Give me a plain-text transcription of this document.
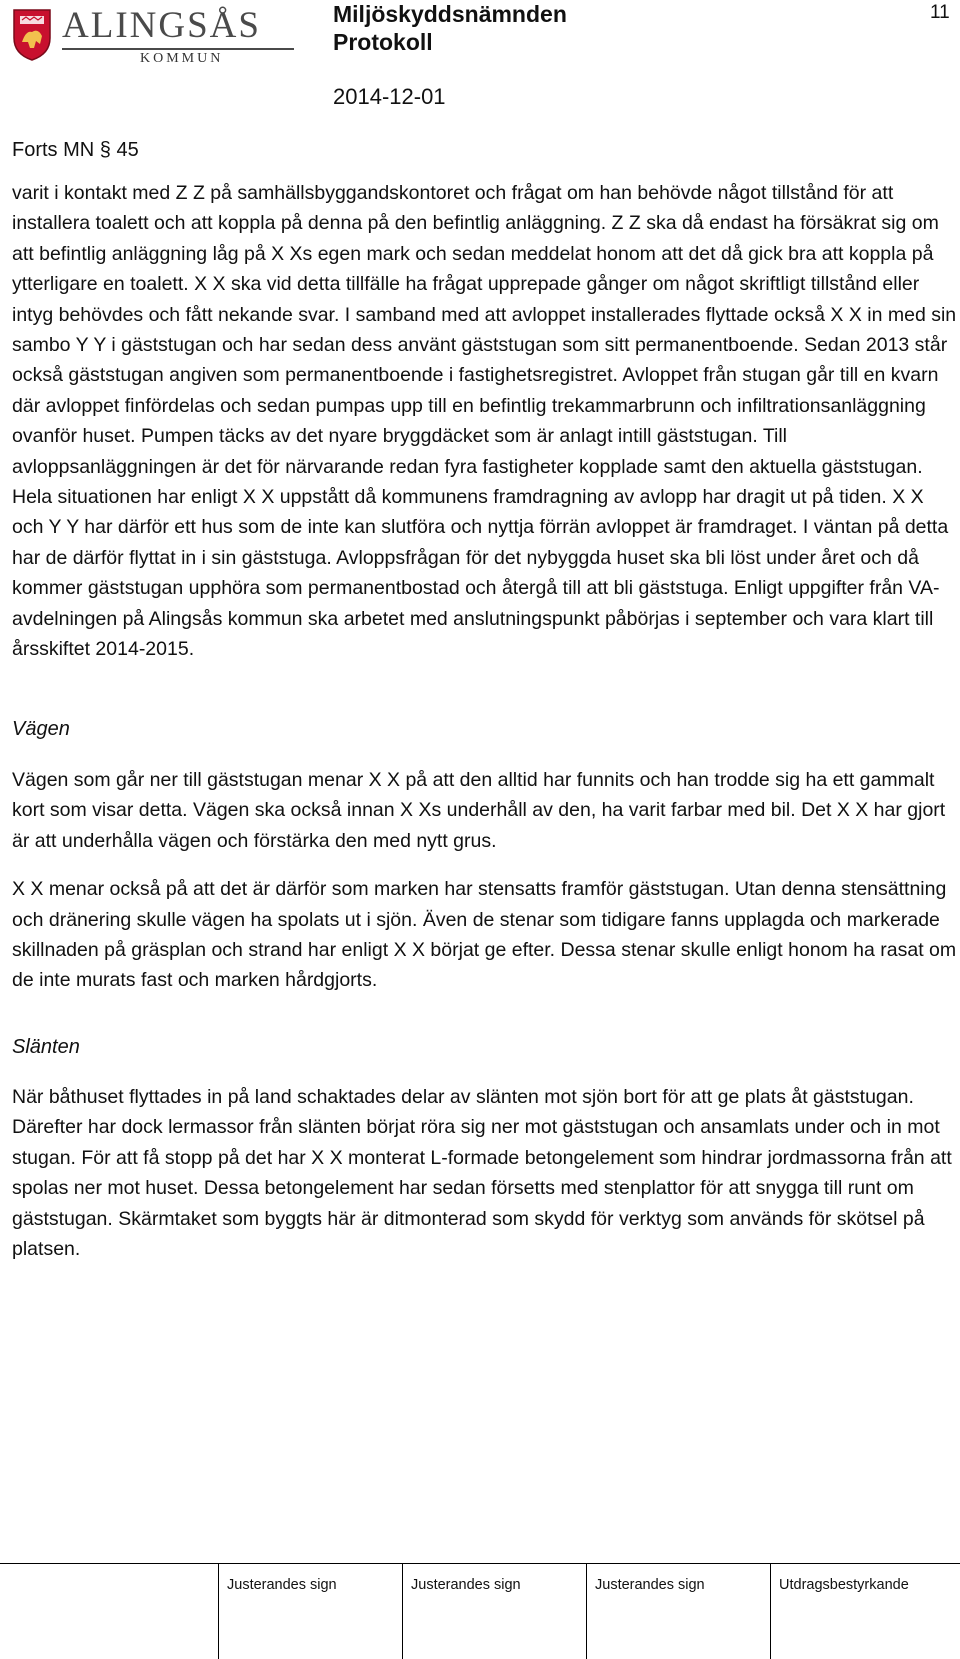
ALINGSÅS
KOMMUN
Miljöskyddsnämnden
Protokoll
11
2014-12-01
Forts MN § 45

varit i kontakt med Z Z på samhällsbyggandskontoret och frågat om han behövde något tillstånd för att installera toalett och att koppla på denna på den befintlig anläggning. Z Z ska då endast ha försäkrat sig om att befintlig anläggning låg på X Xs egen mark och sedan meddelat honom att det då gick bra att koppla på ytterligare en toalett. X X ska vid detta tillfälle ha frågat upprepade gånger om något skriftligt tillstånd eller intyg behövdes och fått nekande svar. I samband med att avloppet installerades flyttade också X X in med sin sambo Y Y i gäststugan och har sedan dess använt gäststugan som sitt permanentboende. Sedan 2013 står också gäststugan angiven som permanentboende i fastighetsregistret. Avloppet från stugan går till en kvarn där avloppet finfördelas och sedan pumpas upp till en befintlig trekammarbrunn och infiltrationsanläggning ovanför huset. Pumpen täcks av det nyare bryggdäcket som är anlagt intill gäststugan. Till avloppsanläggningen är det för närvarande redan fyra fastigheter kopplade samt den aktuella gäststugan. Hela situationen har enligt X X uppstått då kommunens framdragning av avlopp har dragit ut på tiden. X X och Y Y har därför ett hus som de inte kan slutföra och nyttja förrän avloppet är framdraget. I väntan på detta har de därför flyttat in i sin gäststuga. Avloppsfrågan för det nybyggda huset ska bli löst under året och då kommer gäststugan upphöra som permanentbostad och återgå till att bli gäststuga. Enligt uppgifter från VA-avdelningen på Alingsås kommun ska arbetet med anslutningspunkt påbörjas i september och vara klart till årsskiftet 2014-2015.

Vägen

Vägen som går ner till gäststugan menar X X på att den alltid har funnits och han trodde sig ha ett gammalt kort som visar detta. Vägen ska också innan X Xs underhåll av den, ha varit farbar med bil. Det X X har gjort är att underhålla vägen och förstärka den med nytt grus.

X X menar också på att det är därför som marken har stensatts framför gäststugan. Utan denna stensättning och dränering skulle vägen ha spolats ut i sjön. Även de stenar som tidigare fanns upplagda och markerade skillnaden på gräsplan och strand har enligt X X börjat ge efter. Dessa stenar skulle enligt honom ha rasat om de inte murats fast och marken hårdgjorts.

Slänten

När båthuset flyttades in på land schaktades delar av slänten mot sjön bort för att ge plats åt gäststugan. Därefter har dock lermassor från slänten börjat röra sig ner mot gäststugan och ansamlats under och in mot stugan. För att få stopp på det har X X monterat L-formade betongelement som hindrar jordmassorna från att spolas ner mot huset. Dessa betongelement har sedan försetts med stenplattor för att snygga till runt om gäststugan. Skärmtaket som byggts här är ditmonterad som skydd för verktyg som används för skötsel på platsen.

Justerandes sign	Justerandes sign	Justerandes sign	Utdragsbestyrkande
